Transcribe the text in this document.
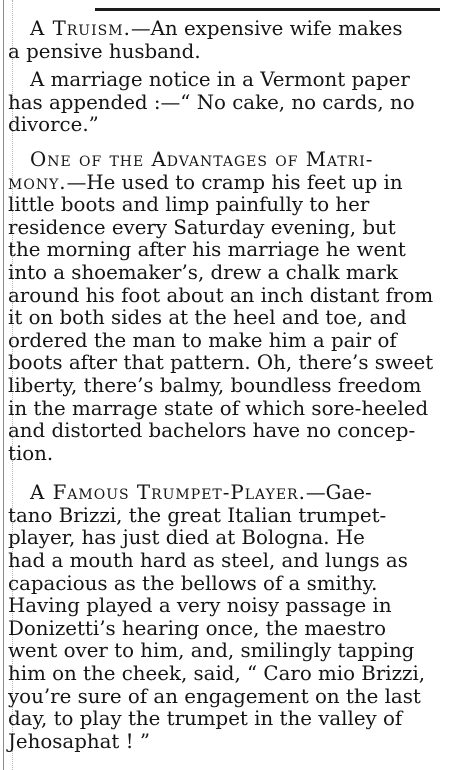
A Truism.—An expensive wife makes
a pensive husband.
A marriage notice in a Vermont paper
has appended :—“ No cake, no cards, no
divorce.”
One of the Advantages of Matri-
mony.—He used to cramp his feet up in
little boots and limp painfully to her
residence every Saturday evening, but
the morning after his marriage he went
into a shoemaker’s, drew a chalk mark
around his foot about an inch distant from
it on both sides at the heel and toe, and
ordered the man to make him a pair of
boots after that pattern. Oh, there’s sweet
liberty, there’s balmy, boundless freedom
in the marrage state of which sore-heeled
and distorted bachelors have no concep-
tion.
A Famous Trumpet-Player.—Gae-
tano Brizzi, the great Italian trumpet-
player, has just died at Bologna. He
had a mouth hard as steel, and lungs as
capacious as the bellows of a smithy.
Having played a very noisy passage in
Donizetti’s hearing once, the maestro
went over to him, and, smilingly tapping
him on the cheek, said, “ Caro mio Brizzi,
you’re sure of an engagement on the last
day, to play the trumpet in the valley of
Jehosaphat ! ”
